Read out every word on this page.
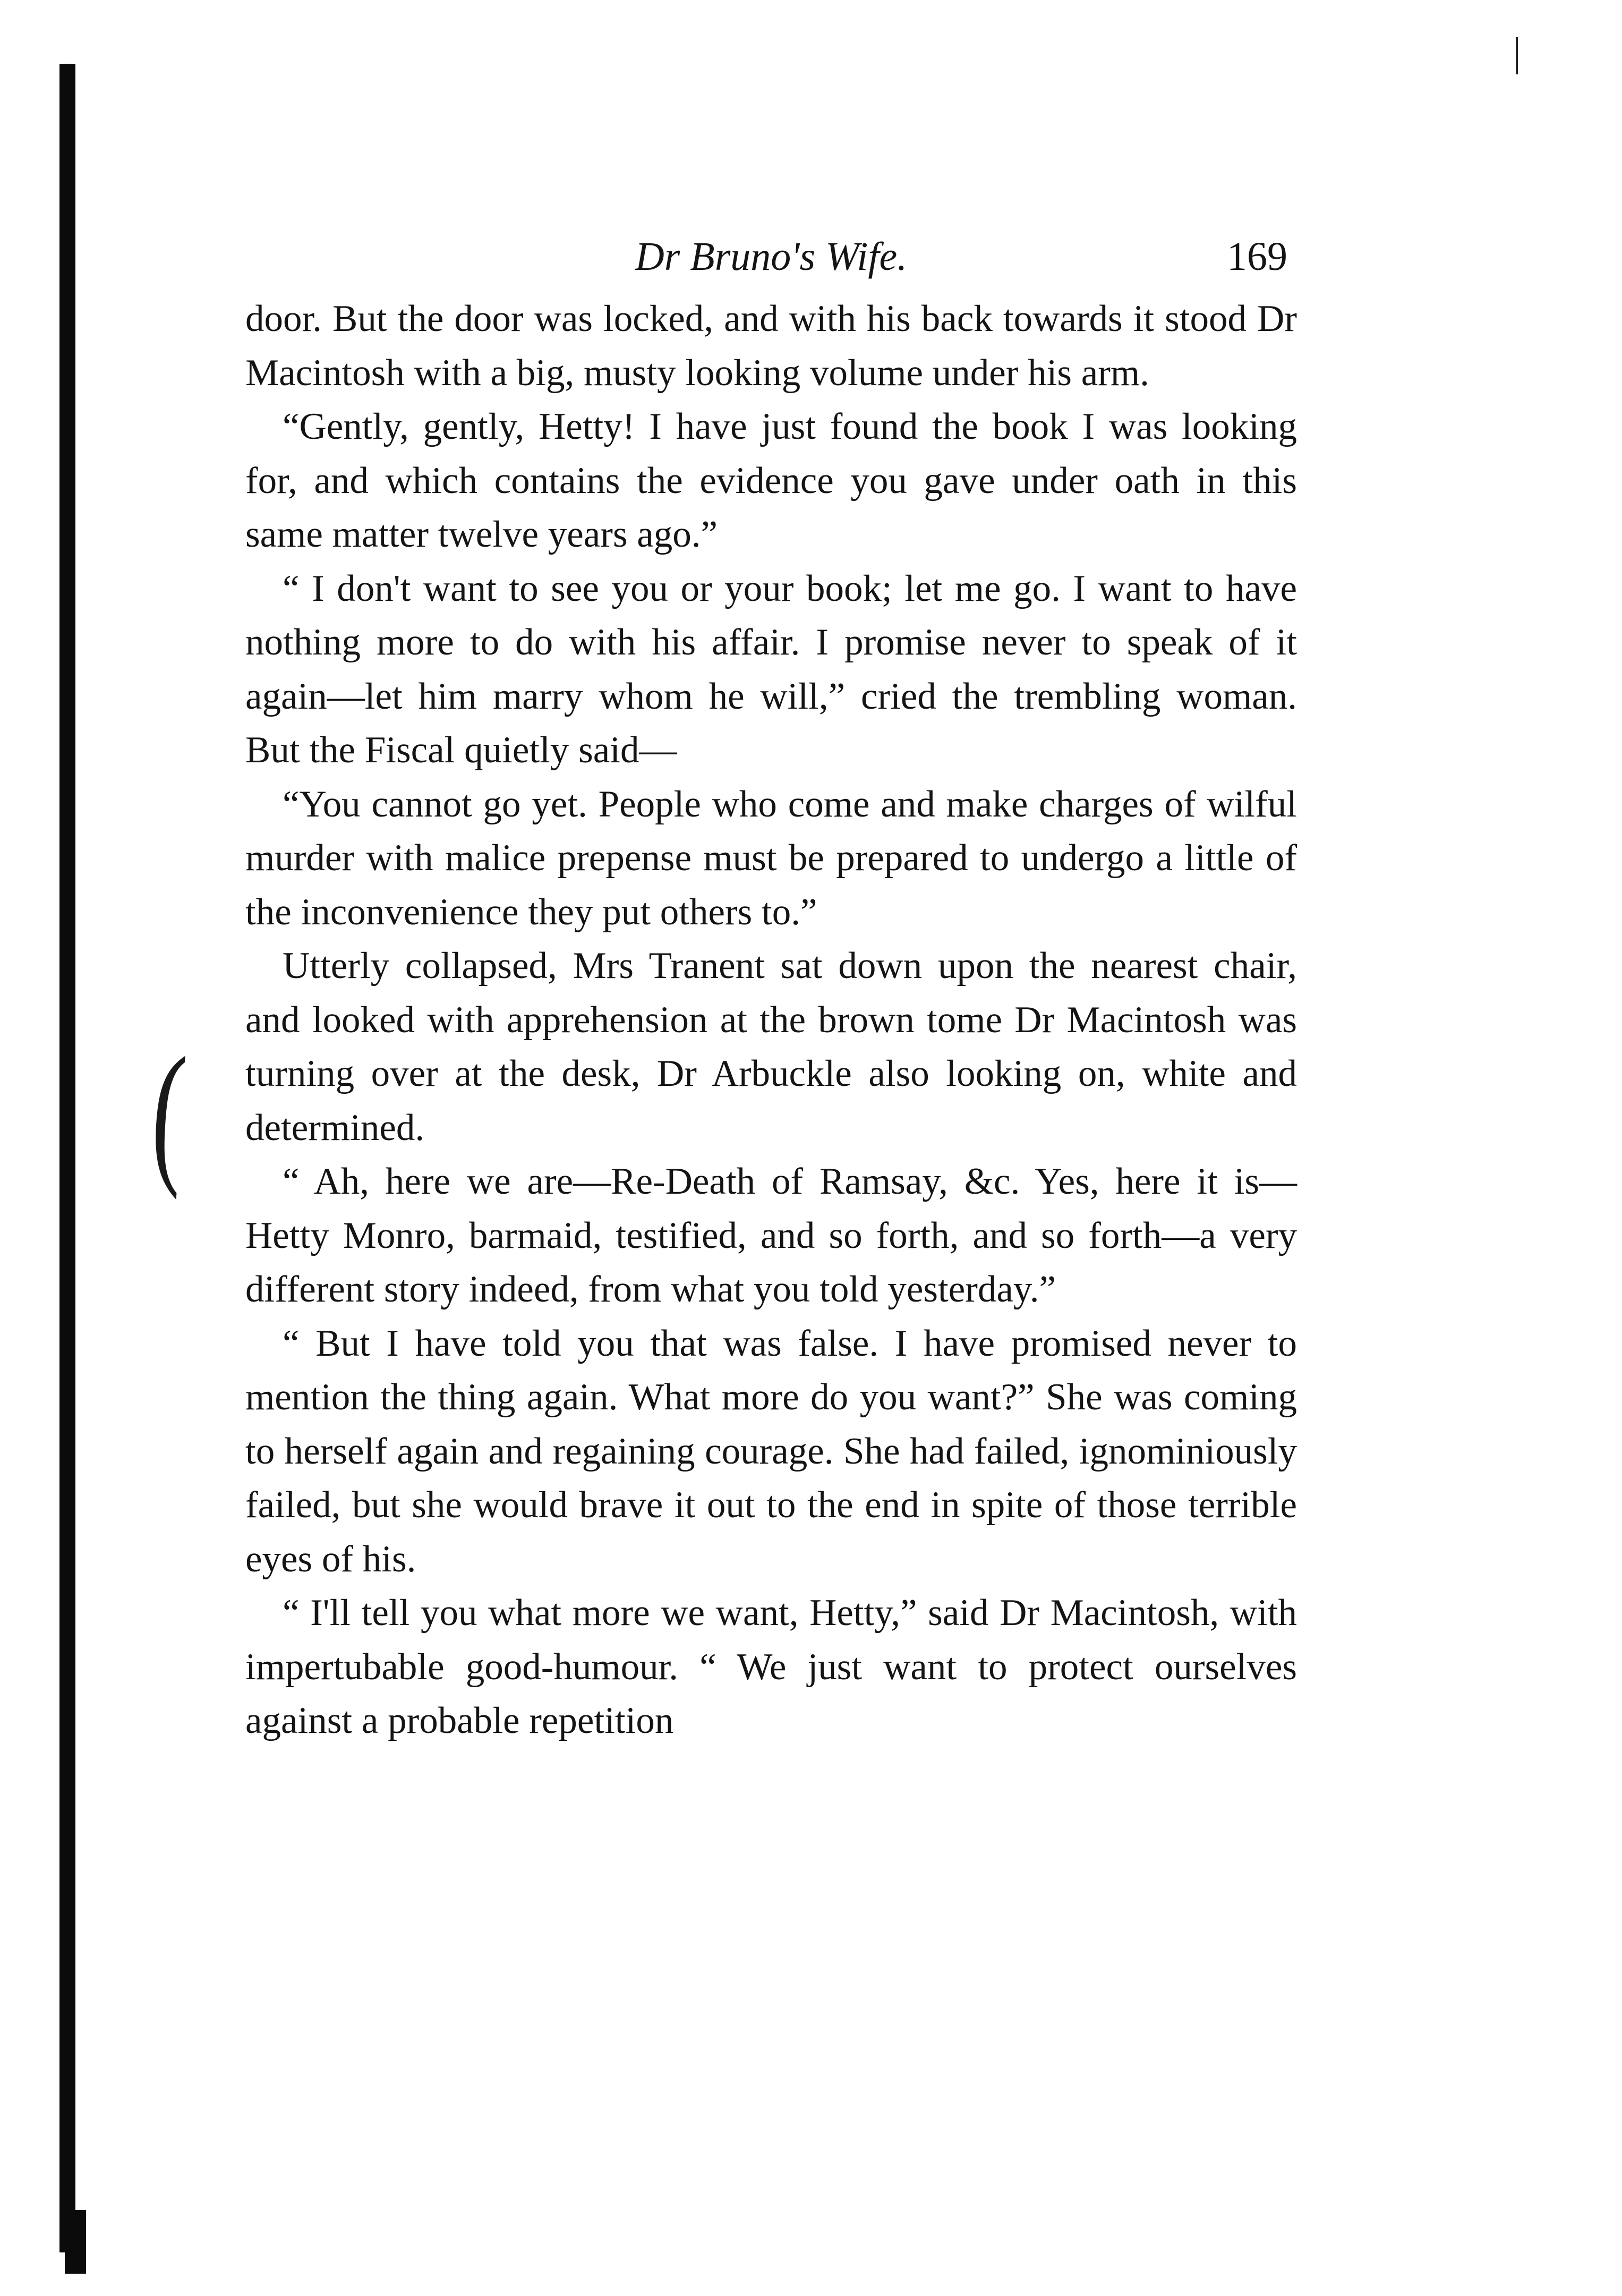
(
Dr Bruno's Wife.	169

door. But the door was locked, and with his back towards it stood Dr Macintosh with a big, musty looking volume under his arm.

“Gently, gently, Hetty! I have just found the book I was looking for, and which contains the evidence you gave under oath in this same matter twelve years ago.”

“ I don't want to see you or your book; let me go. I want to have nothing more to do with his affair. I promise never to speak of it again—let him marry whom he will,” cried the trembling woman. But the Fiscal quietly said—

“You cannot go yet. People who come and make charges of wilful murder with malice prepense must be prepared to undergo a little of the inconvenience they put others to.”

Utterly collapsed, Mrs Tranent sat down upon the nearest chair, and looked with apprehension at the brown tome Dr Macintosh was turning over at the desk, Dr Arbuckle also looking on, white and determined.

“ Ah, here we are—Re-Death of Ramsay, &c. Yes, here it is—Hetty Monro, barmaid, testified, and so forth, and so forth—a very different story indeed, from what you told yesterday.”

“ But I have told you that was false. I have promised never to mention the thing again. What more do you want?” She was coming to herself again and regaining courage. She had failed, ignominiously failed, but she would brave it out to the end in spite of those terrible eyes of his.

“ I'll tell you what more we want, Hetty,” said Dr Macintosh, with impertubable good-humour. “ We just want to protect ourselves against a probable repetition
